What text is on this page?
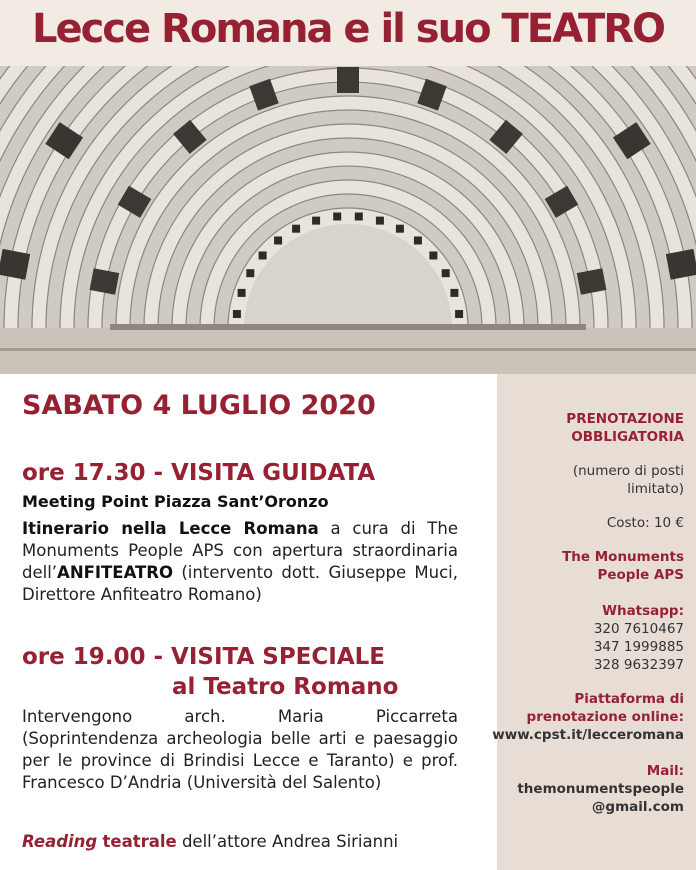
Lecce Romana e il suo TEATRO
SABATO 4 LUGLIO 2020
ore 17.30 - VISITA GUIDATA
Meeting Point Piazza Sant’Oronzo
Itinerario nella Lecce Romana a cura di The Monuments People APS con apertura straordinaria dell’ANFITEATRO (intervento dott. Giuseppe Muci, Direttore Anfiteatro Romano)
ore 19.00 - VISITA SPECIALE
al Teatro Romano
Intervengono arch. Maria Piccarreta (Soprintendenza archeologia belle arti e paesaggio per le province di Brindisi Lecce e Taranto) e prof. Francesco D’Andria (Università del Salento)
Reading teatrale dell’attore Andrea Sirianni
PRENOTAZIONE
OBBLIGATORIA
(numero di posti
limitato)
Costo: 10 €
The Monuments
People APS
Whatsapp:
320 7610467
347 1999885
328 9632397
Piattaforma di
prenotazione online:
www.cpst.it/lecceromana
Mail:
themonumentspeople
@gmail.com
